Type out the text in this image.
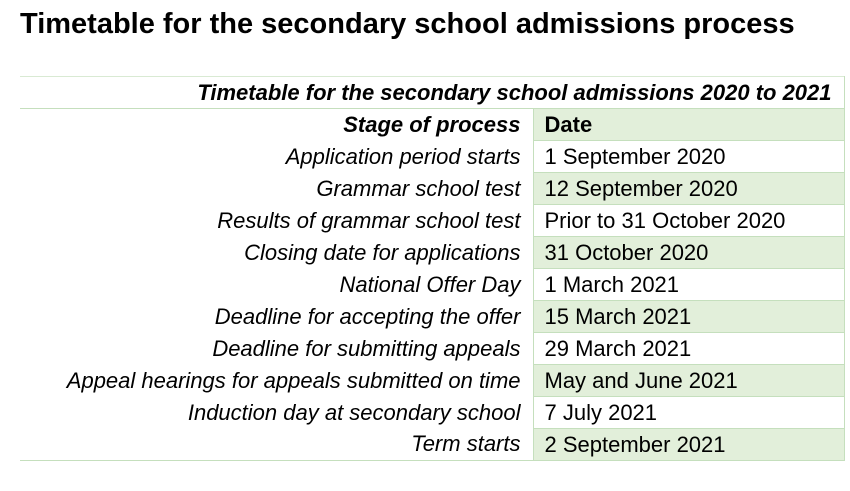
Timetable for the secondary school admissions process
Timetable for the secondary school admissions 2020 to 2021	
Stage of process	Date
Application period starts	1 September 2020
Grammar school test	12 September 2020
Results of grammar school test	Prior to 31 October 2020
Closing date for applications	31 October 2020
National Offer Day	1 March 2021
Deadline for accepting the offer	15 March 2021
Deadline for submitting appeals	29 March 2021
Appeal hearings for appeals submitted on time	May and June 2021
Induction day at secondary school	7 July 2021
Term starts	2 September 2021
